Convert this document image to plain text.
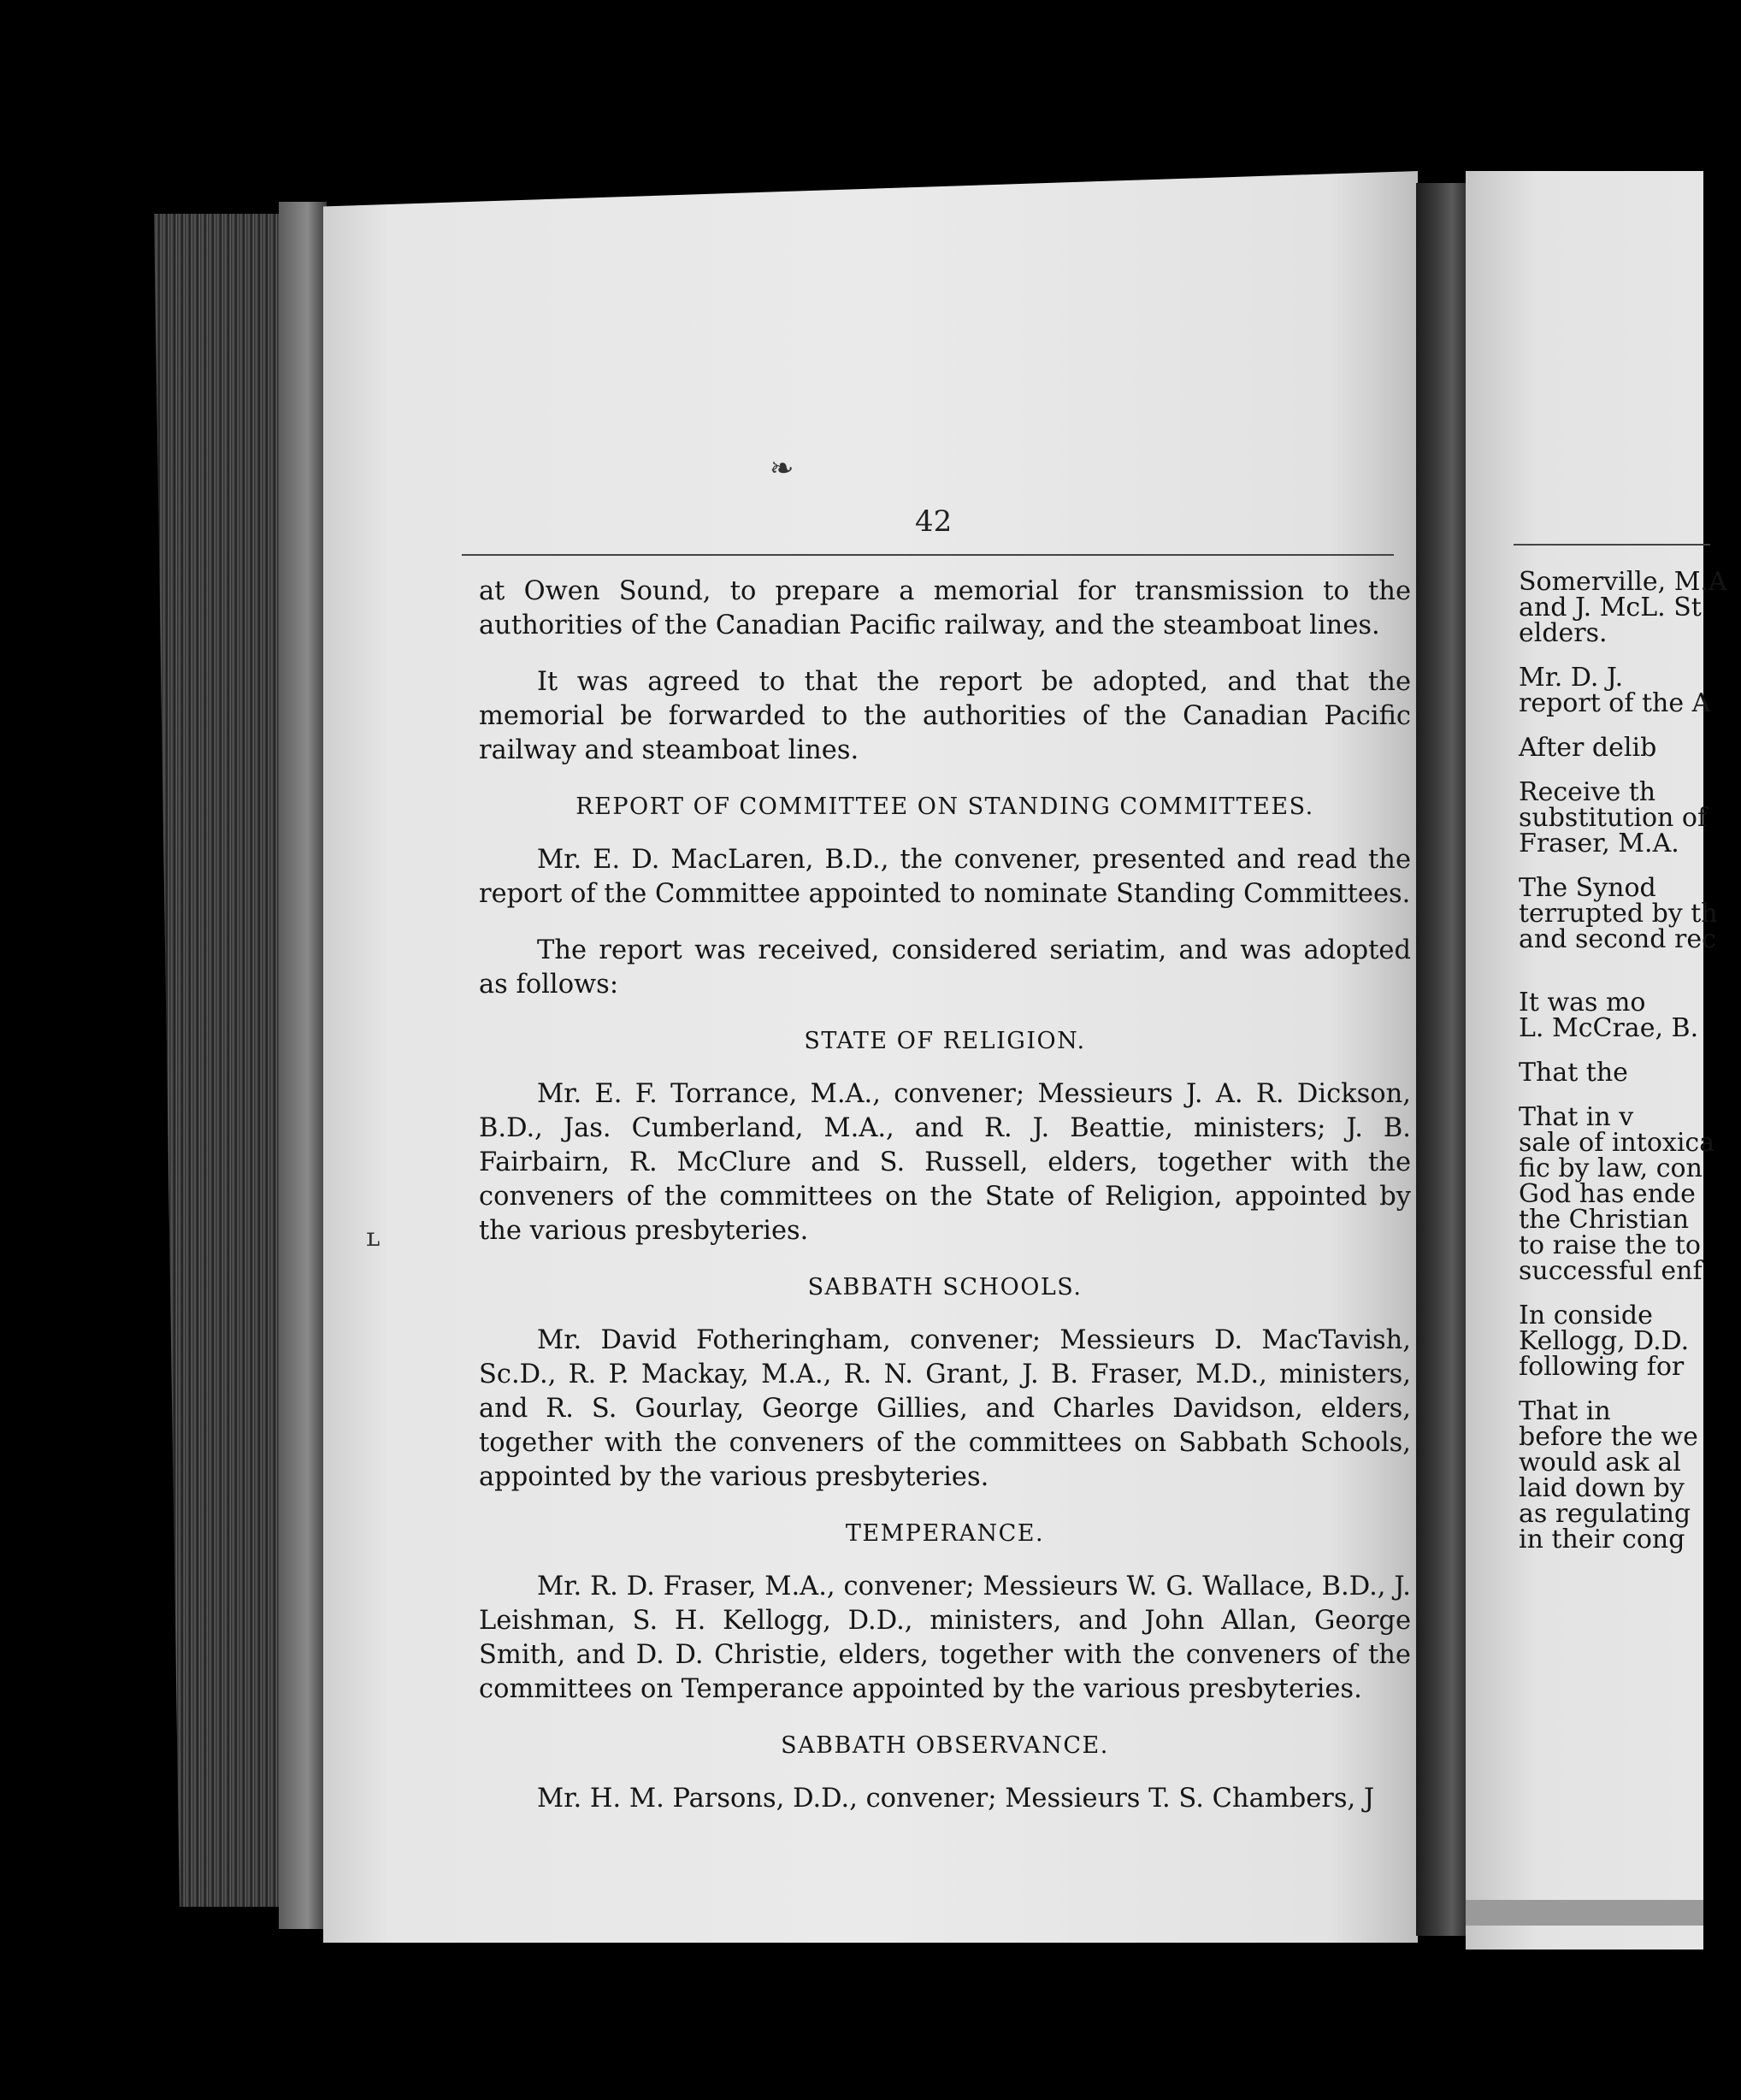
❧
ʟ
42

at Owen Sound, to prepare a memorial for transmission to the authorities of the Canadian Pacific railway, and the steamboat lines.

It was agreed to that the report be adopted, and that the memorial be forwarded to the authorities of the Canadian Pacific railway and steamboat lines.

REPORT OF COMMITTEE ON STANDING COMMITTEES.

Mr. E. D. MacLaren, B.D., the convener, presented and read the report of the Committee appointed to nominate Standing Committees.

The report was received, considered seriatim, and was adopted as follows:

STATE OF RELIGION.

Mr. E. F. Torrance, M.A., convener; Messieurs J. A. R. Dickson, B.D., Jas. Cumberland, M.A., and R. J. Beattie, ministers; J. B. Fairbairn, R. McClure and S. Russell, elders, together with the conveners of the committees on the State of Religion, appointed by the various presbyteries.

SABBATH SCHOOLS.

Mr. David Fotheringham, convener; Messieurs D. MacTavish, Sc.D., R. P. Mackay, M.A., R. N. Grant, J. B. Fraser, M.D., ministers, and R. S. Gourlay, George Gillies, and Charles Davidson, elders, together with the conveners of the committees on Sabbath Schools, appointed by the various presbyteries.

TEMPERANCE.

Mr. R. D. Fraser, M.A., convener; Messieurs W. G. Wallace, B.D., J. Leishman, S. H. Kellogg, D.D., ministers, and John Allan, George Smith, and D. D. Christie, elders, together with the conveners of the committees on Temperance appointed by the various presbyteries.

SABBATH OBSERVANCE.

Mr. H. M. Parsons, D.D., convener; Messieurs T. S. Chambers, J

Somerville, M.A
and J. McL. St
elders.
Mr. D. J.
report of the A
After delib
Receive th
substitution of
Fraser, M.A.
The Synod
terrupted by th
and second rec
It was mo
L. McCrae, B.
That the
That in v
sale of intoxica
fic by law, con
God has ende
the Christian
to raise the to
successful enf
In conside
Kellogg, D.D.
following for
That in
before the we
would ask al
laid down by
as regulating
in their cong
